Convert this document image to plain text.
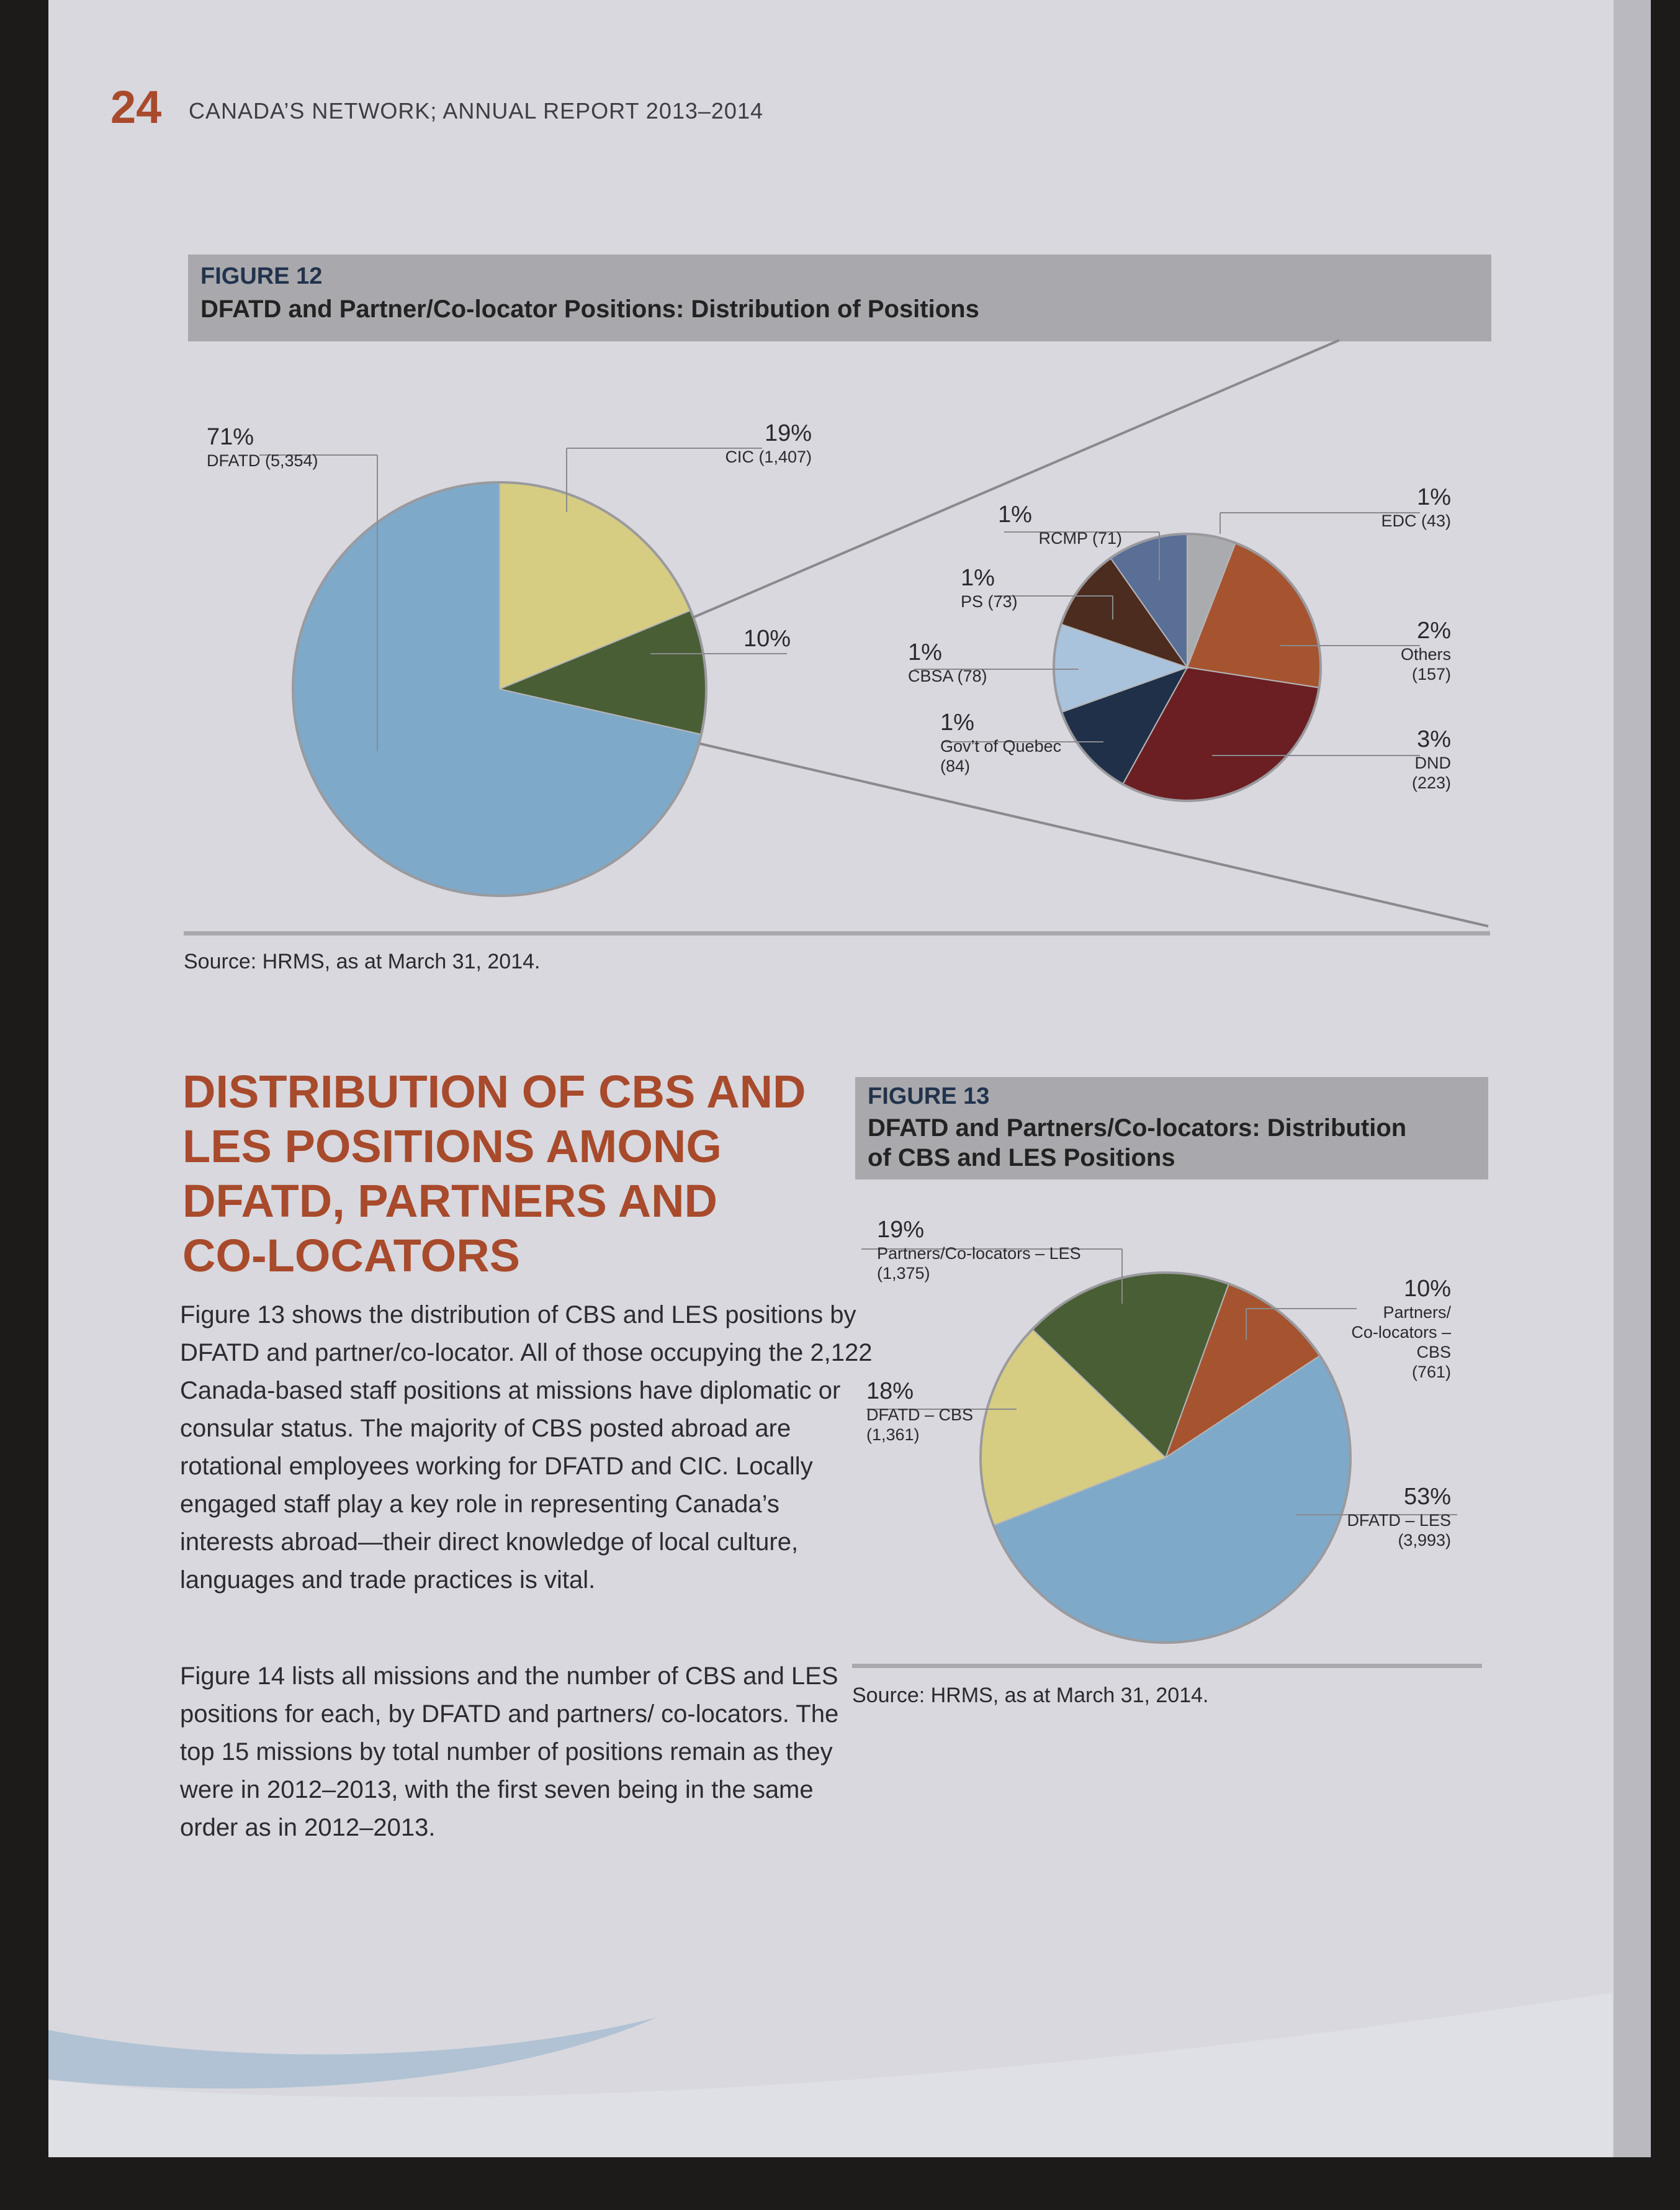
24 CANADA’S NETWORK; ANNUAL REPORT 2013–2014
FIGURE 12
DFATD and Partner/Co-locator Positions: Distribution of Positions
71%
DFATD (5,354)
19%
CIC (1,407)
10%
1%
RCMP (71)
1%
PS (73)
1%
CBSA (78)
1%
Gov’t of Quebec
(84)
1%
EDC (43)
2%
Others
(157)
3%
DND
(223)
Source: HRMS, as at March 31, 2014.
DISTRIBUTION OF CBS AND
LES POSITIONS AMONG
DFATD, PARTNERS AND
CO-LOCATORS
Figure 13 shows the distribution of CBS and LES positions by DFATD and partner/co-locator. All of those occupying the 2,122 Canada-based staff positions at missions have diplomatic or consular status. The majority of CBS posted abroad are rotational employees working for DFATD and CIC. Locally engaged staff play a key role in representing Canada’s interests abroad—their direct knowledge of local culture, languages and trade practices is vital.
Figure 14 lists all missions and the number of CBS and LES positions for each, by DFATD and partners/ co-locators. The top 15 missions by total number of positions remain as they were in 2012–2013, with the first seven being in the same order as in 2012–2013.
FIGURE 13
DFATD and Partners/Co-locators: Distribution
of CBS and LES Positions
19%
Partners/Co-locators – LES
(1,375)
18%
DFATD – CBS
(1,361)
10%
Partners/
Co-locators –
CBS
(761)
53%
DFATD – LES
(3,993)
Source: HRMS, as at March 31, 2014.
